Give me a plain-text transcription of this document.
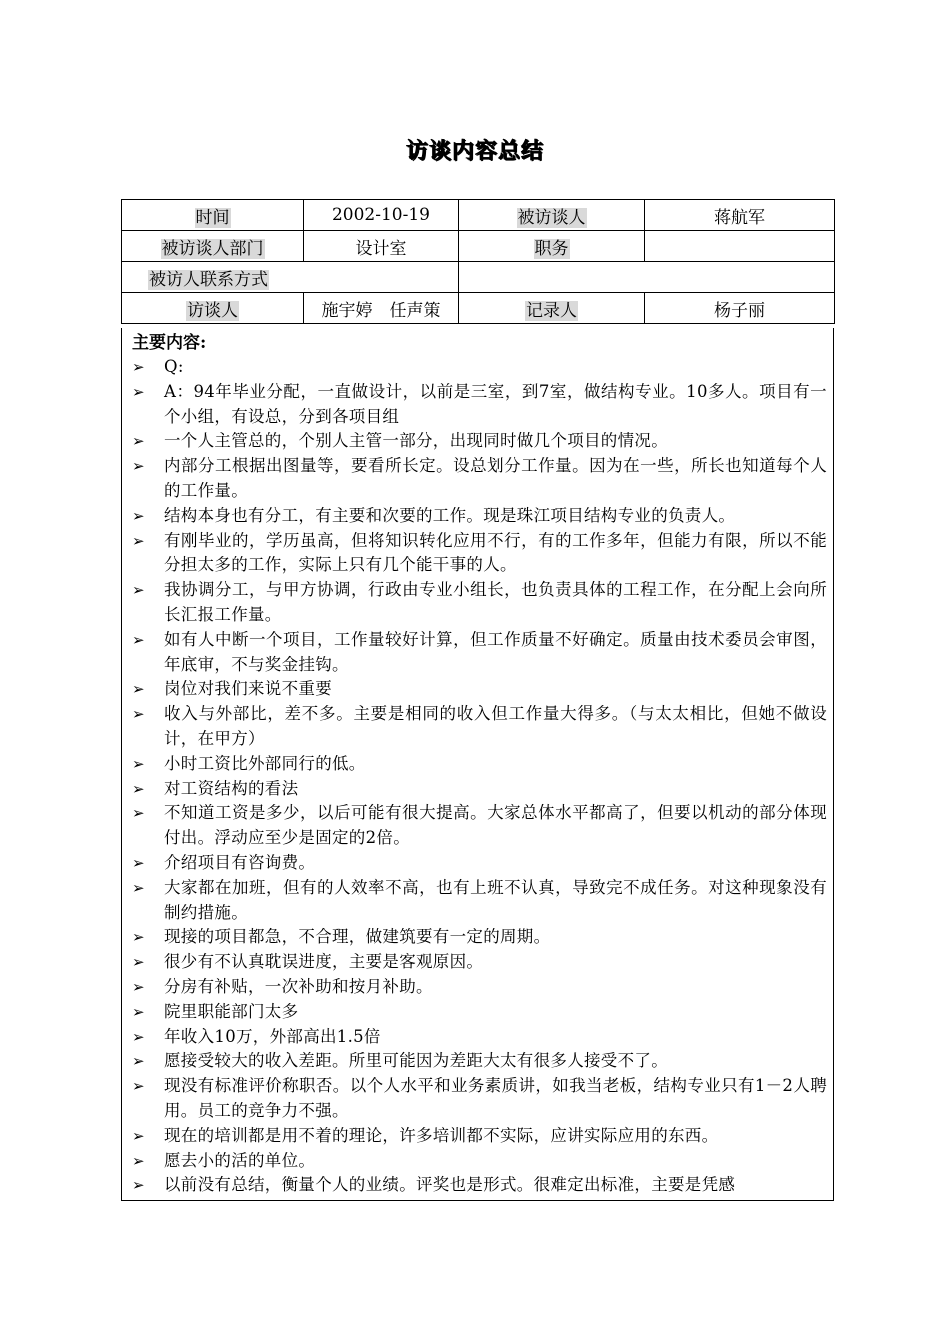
访谈内容总结
时间	2002-10-19	被访谈人	蒋航军
被访谈人部门	设计室	职务	
被访人联系方式			
访谈人	施宇婷　任声策	记录人	杨子丽
主要内容:
➢ Q:
➢ A：94年毕业分配，一直做设计，以前是三室，到7室，做结构专业。10多人。项目有一个小组，有设总，分到各项目组
➢ 一个人主管总的，个别人主管一部分，出现同时做几个项目的情况。
➢ 内部分工根据出图量等，要看所长定。设总划分工作量。因为在一些，所长也知道每个人的工作量。
➢ 结构本身也有分工，有主要和次要的工作。现是珠江项目结构专业的负责人。
➢ 有刚毕业的，学历虽高，但将知识转化应用不行，有的工作多年，但能力有限，所以不能分担太多的工作，实际上只有几个能干事的人。
➢ 我协调分工，与甲方协调，行政由专业小组长，也负责具体的工程工作，在分配上会向所长汇报工作量。
➢ 如有人中断一个项目，工作量较好计算，但工作质量不好确定。质量由技术委员会审图，年底审，不与奖金挂钩。
➢ 岗位对我们来说不重要
➢ 收入与外部比，差不多。主要是相同的收入但工作量大得多。（与太太相比，但她不做设计，在甲方）
➢ 小时工资比外部同行的低。
➢ 对工资结构的看法
➢ 不知道工资是多少，以后可能有很大提高。大家总体水平都高了，但要以机动的部分体现付出。浮动应至少是固定的2倍。
➢ 介绍项目有咨询费。
➢ 大家都在加班，但有的人效率不高，也有上班不认真，导致完不成任务。对这种现象没有制约措施。
➢ 现接的项目都急，不合理，做建筑要有一定的周期。
➢ 很少有不认真耽误进度，主要是客观原因。
➢ 分房有补贴，一次补助和按月补助。
➢ 院里职能部门太多
➢ 年收入10万，外部高出1.5倍
➢ 愿接受较大的收入差距。所里可能因为差距大太有很多人接受不了。
➢ 现没有标准评价称职否。以个人水平和业务素质讲，如我当老板，结构专业只有1－2人聘用。员工的竞争力不强。
➢ 现在的培训都是用不着的理论，许多培训都不实际，应讲实际应用的东西。
➢ 愿去小的活的单位。
➢ 以前没有总结，衡量个人的业绩。评奖也是形式。很难定出标准，主要是凭感
